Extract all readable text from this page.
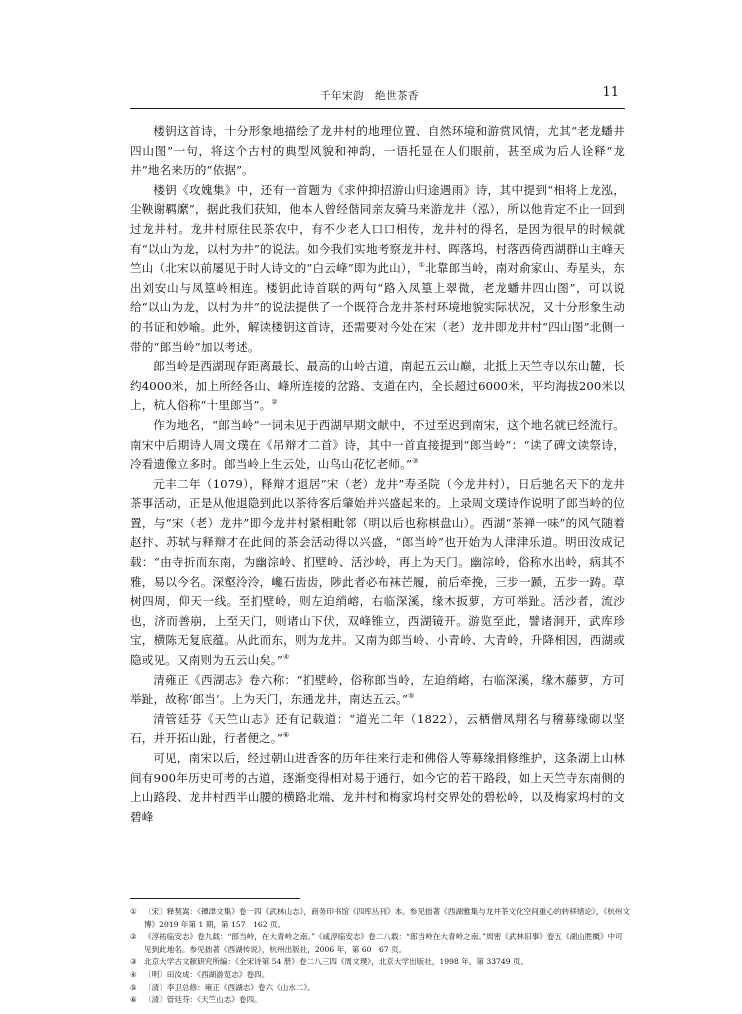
千年宋韵　绝世茶香	11

楼钥这首诗，十分形象地描绘了龙井村的地理位置、自然环境和游赏风情，尤其“老龙蟠井四山图”一句，将这个古村的典型风貌和神韵，一语托显在人们眼前，甚至成为后人诠释“龙井”地名来历的“依据”。

楼钥《攻媿集》中，还有一首题为《求仲抑招游山归途遇雨》诗，其中提到“相将上龙泓，尘鞅谢羁縻”，据此我们获知，他本人曾经偕同亲友骑马来游龙井（泓），所以他肯定不止一回到过龙井村。龙井村原住民茶农中，有不少老人口口相传，龙井村的得名，是因为很早的时候就有“以山为龙，以村为井”的说法。如今我们实地考察龙井村、晖落坞，村落西倚西湖群山主峰天竺山（北宋以前屡见于时人诗文的“白云峰”即为此山），①北靠郎当岭，南对俞家山、寿星头，东出刘安山与凤篁岭相连。楼钥此诗首联的两句“路入凤篁上翠微，老龙蟠井四山图”，可以说给“以山为龙，以村为井”的说法提供了一个既符合龙井茶村环境地貌实际状况，又十分形象生动的书证和妙喻。此外，解读楼钥这首诗，还需要对今处在宋（老）龙井即龙井村“四山图”北侧一带的“郎当岭”加以考述。

郎当岭是西湖现存距离最长、最高的山岭古道，南起五云山巅，北抵上天竺寺以东山麓，长约4000米，加上所经各山、峰所连接的岔路、支道在内，全长超过6000米，平均海拔200米以上，杭人俗称“十里郎当”。②

作为地名，“郎当岭”一词未见于西湖早期文献中，不过至迟到南宋，这个地名就已经流行。南宋中后期诗人周文璞在《吊辩才二首》诗，其中一首直接提到“郎当岭”：“读了碑文读祭诗，冷看遗像立多时。郎当岭上生云处，山鸟山花忆老师。”③

元丰二年（1079），释辩才退居“宋（老）龙井”寿圣院（今龙井村），日后驰名天下的龙井茶事活动，正是从他退隐到此以茶待客后肇始并兴盛起来的。上录周文璞诗作说明了郎当岭的位置，与“宋（老）龙井”即今龙井村紧相毗邻（明以后也称棋盘山）。西湖“茶禅一味”的风气随着赵抃、苏轼与释辩才在此间的茶会活动得以兴盛，“郎当岭”也开始为人津津乐道。明田汝成记载：“由寺折而东南，为幽淙岭、扪壁岭、活沙岭，再上为天门。幽淙岭，俗称水出岭，病其不雅，易以今名。深壑泠泠，巉石齿齿，陟此者必布袜芒履，前后牵挽，三步一踬，五步一踌。草树四周，仰天一线。至扪壁岭，则左迫绡嵱，右临深溪，缘木扳萝，方可举趾。活沙者，流沙也，济而善崩，上至天门，则诸山下伏，双峰锥立，西湖镜开。游览至此，譬诸洞开，武库珍宝，横陈无复底蕴。从此而东，则为龙井。又南为郎当岭、小青岭、大青岭，升降相因，西湖或隐或见。又南则为五云山矣。”④

清雍正《西湖志》卷六称：“扪壁岭，俗称郎当岭，左迫绡嵱，右临深溪，缘木藤萝，方可举趾，故称‘郎当’。上为天门，东通龙井，南达五云。”⑤

清管廷芬《天竺山志》还有记载道：“道光二年（1822），云栖僧凤翔名与稽募缘砌以坚石，并开拓山趾，行者便之。”⑥

可见，南宋以后，经过朝山进香客的历年往来行走和佛俗人等募缘捐修维护，这条湖上山林间有900年历史可考的古道，逐渐变得相对易于通行，如今它的若干路段，如上天竺寺东南侧的上山路段、龙井村西半山腰的横路北端、龙井村和梅家坞村交界处的碧松岭，以及梅家坞村的文碧峰

① 〔宋〕释契嵩：《镡津文集》卷一四《武林山志》，商务印书馆《四库丛刊》本。参见拙著《西湖雅集与龙井茶文化空间重心的转移绪论》，《杭州文博》2019 年第 1 期，第 157　162 页。

② 《淳祐临安志》卷九载：“郎当岭，在大青岭之南。”《咸淳临安志》卷二八载：“郎当岭在大青岭之南。”周密《武林旧事》卷五《湖山胜概》中可见到此地名。参见拙著《西湖传说》，杭州出版社，2006 年，第 60　67 页。

③ 北京大学古文献研究所编：《全宋诗第 54 册》卷二八三四《周文璞》，北京大学出版社，1998 年，第 33749 页。

④ 〔明〕田汝成：《西湖游览志》卷四。

⑤ 〔清〕李卫总修：雍正《西湖志》卷六《山水二》。

⑥ 〔清〕管廷芬：《天竺山志》卷四。
